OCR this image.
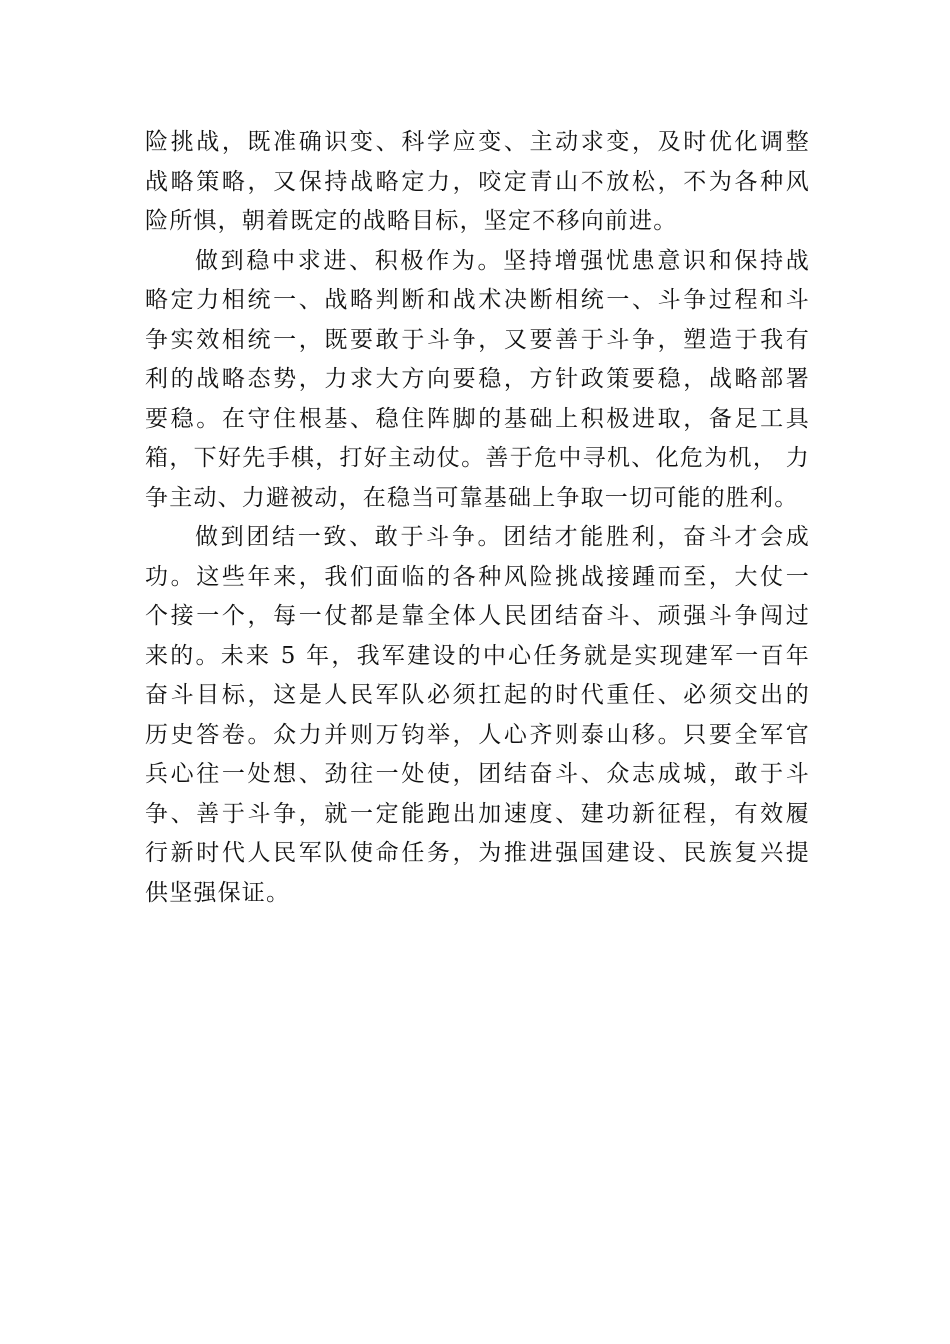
险挑战，既准确识变、科学应变、主动求变，及时优化调整
战略策略，又保持战略定力，咬定青山不放松，不为各种风
险所惧，朝着既定的战略目标，坚定不移向前进。
做到稳中求进、积极作为。坚持增强忧患意识和保持战
略定力相统一、战略判断和战术决断相统一、斗争过程和斗
争实效相统一，既要敢于斗争，又要善于斗争，塑造于我有
利的战略态势，力求大方向要稳，方针政策要稳，战略部署
要稳。在守住根基、稳住阵脚的基础上积极进取，备足工具
箱，下好先手棋，打好主动仗。善于危中寻机、化危为机， 力
争主动、力避被动，在稳当可靠基础上争取一切可能的胜利。
做到团结一致、敢于斗争。团结才能胜利，奋斗才会成
功。这些年来，我们面临的各种风险挑战接踵而至，大仗一
个接一个，每一仗都是靠全体人民团结奋斗、顽强斗争闯过
来的。未来 5 年，我军建设的中心任务就是实现建军一百年
奋斗目标，这是人民军队必须扛起的时代重任、必须交出的
历史答卷。众力并则万钧举，人心齐则泰山移。只要全军官
兵心往一处想、劲往一处使，团结奋斗、众志成城，敢于斗
争、善于斗争，就一定能跑出加速度、建功新征程，有效履
行新时代人民军队使命任务，为推进强国建设、民族复兴提
供坚强保证。
